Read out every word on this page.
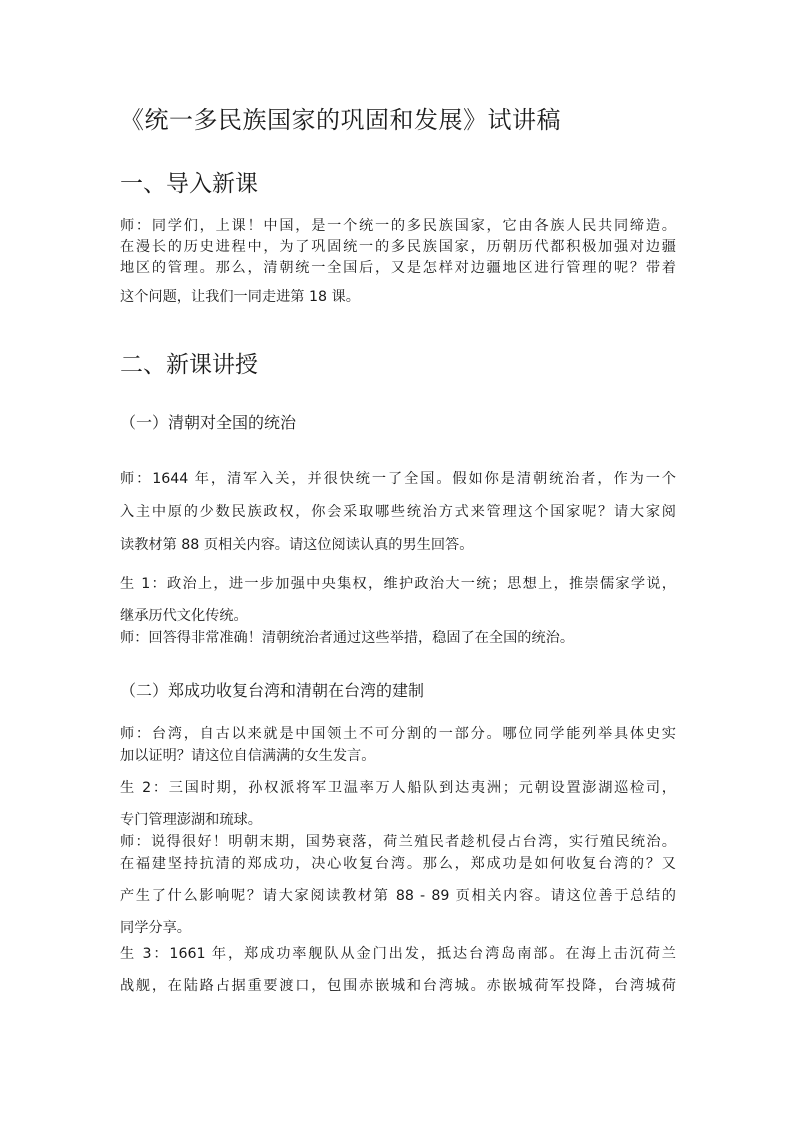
《统一多民族国家的巩固和发展》试讲稿
一、导入新课
师：同学们，上课！中国，是一个统一的多民族国家，它由各族人民共同缔造。
在漫长的历史进程中，为了巩固统一的多民族国家，历朝历代都积极加强对边疆
地区的管理。那么，清朝统一全国后，又是怎样对边疆地区进行管理的呢？带着
这个问题，让我们一同走进第 18 课。
二、新课讲授
（一）清朝对全国的统治
师：1644 年，清军入关，并很快统一了全国。假如你是清朝统治者，作为一个
入主中原的少数民族政权，你会采取哪些统治方式来管理这个国家呢？请大家阅
读教材第 88 页相关内容。请这位阅读认真的男生回答。
生 1：政治上，进一步加强中央集权，维护政治大一统；思想上，推崇儒家学说，
继承历代文化传统。
师：回答得非常准确！清朝统治者通过这些举措，稳固了在全国的统治。
（二）郑成功收复台湾和清朝在台湾的建制
师：台湾，自古以来就是中国领土不可分割的一部分。哪位同学能列举具体史实
加以证明？请这位自信满满的女生发言。
生 2：三国时期，孙权派将军卫温率万人船队到达夷洲；元朝设置澎湖巡检司，
专门管理澎湖和琉球。
师：说得很好！明朝末期，国势衰落，荷兰殖民者趁机侵占台湾，实行殖民统治。
在福建坚持抗清的郑成功，决心收复台湾。那么，郑成功是如何收复台湾的？又
产生了什么影响呢？请大家阅读教材第 88 - 89 页相关内容。请这位善于总结的
同学分享。
生 3：1661 年，郑成功率舰队从金门出发，抵达台湾岛南部。在海上击沉荷兰
战舰，在陆路占据重要渡口，包围赤嵌城和台湾城。赤嵌城荷军投降，台湾城荷
